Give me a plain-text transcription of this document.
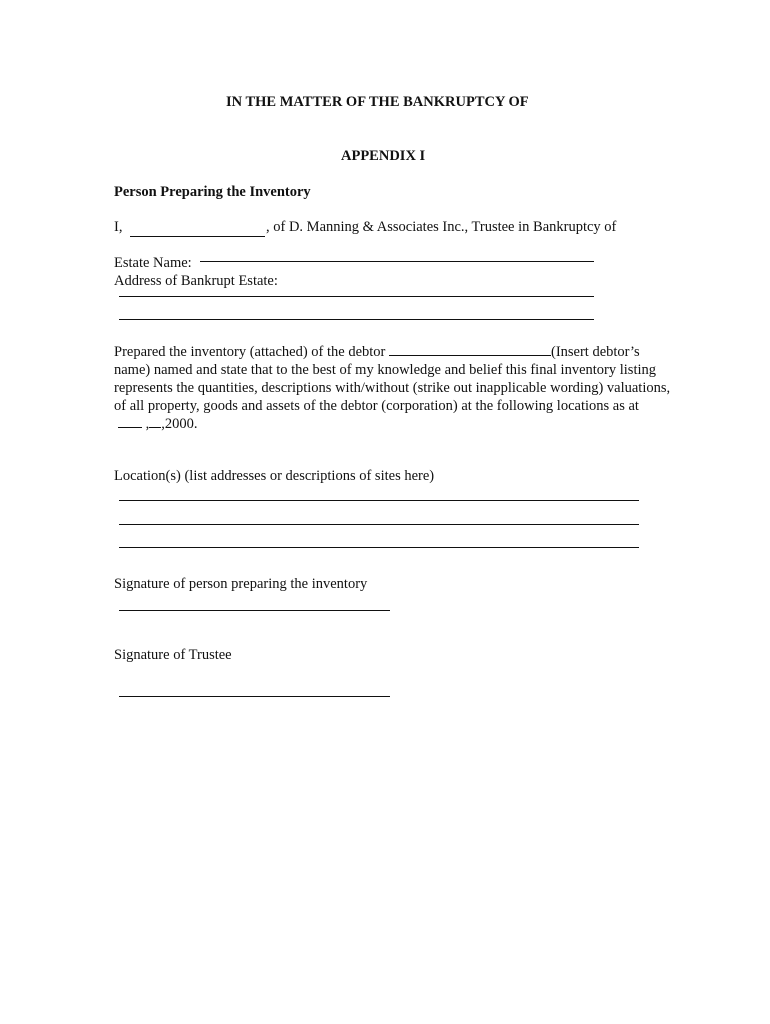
IN THE MATTER OF THE BANKRUPTCY OF
APPENDIX I
Person Preparing the Inventory
I,	, of D. Manning & Associates Inc., Trustee in Bankruptcy of
Estate Name:
Address of Bankrupt Estate:
Prepared the inventory (attached) of the debtor	(Insert debtor’s name) named and state that to the best of my knowledge and belief this final inventory listing represents the quantities, descriptions with/without (strike out inapplicable wording) valuations, of all property, goods and assets of the debtor (corporation) at the following locations as at
, ,2000.
Location(s) (list addresses or descriptions of sites here)
Signature of person preparing the inventory
Signature of Trustee
